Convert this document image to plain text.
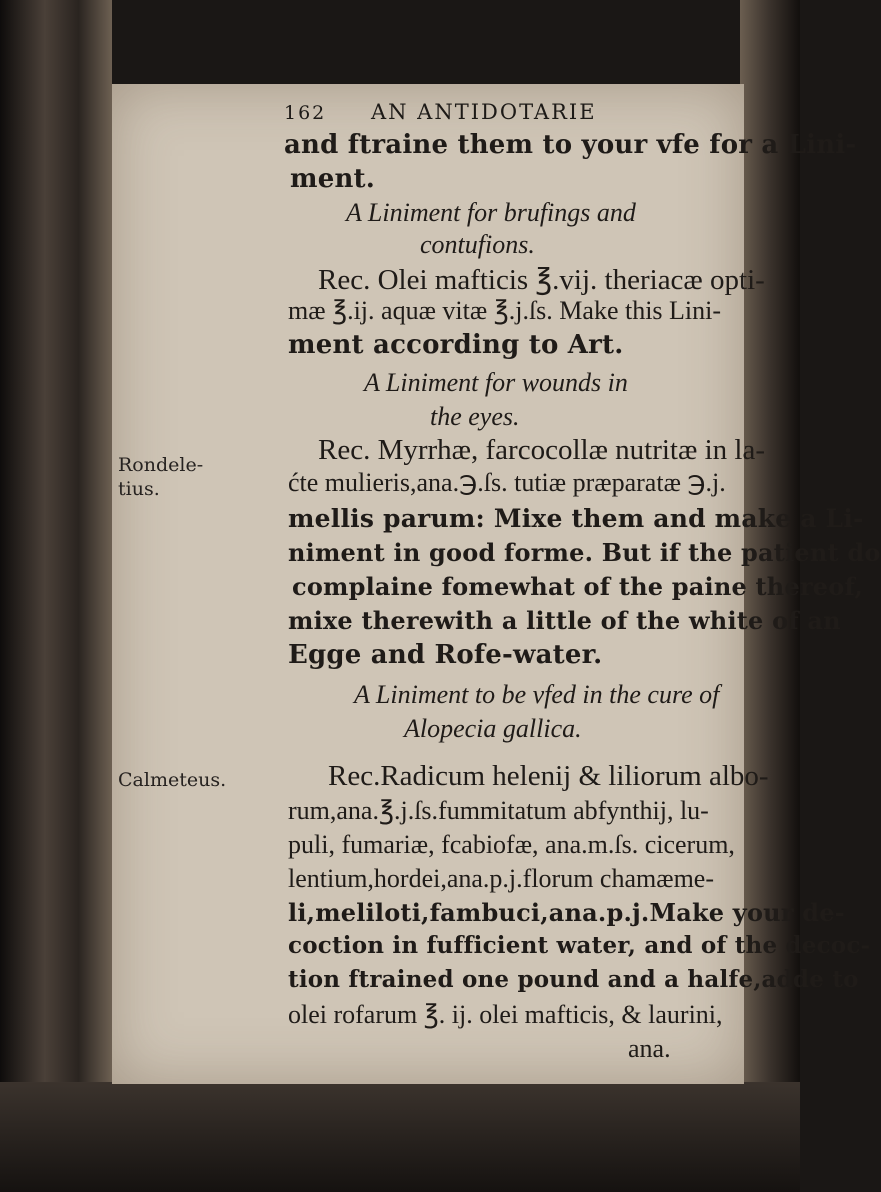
162 AN ANTIDOTARIE
Rondele-
tius.
Calmeteus.
and ftraine them to your vfe for a Lini-
ment.
A Liniment for brufings and
contufions.
Rec. Olei mafticis ℥.vij. theriacæ opti-
mæ ℥.ij. aquæ vitæ ℥.j.ſs. Make this Lini-
ment according to Art.
A Liniment for wounds in
the eyes.
Rec. Myrrhæ, farcocollæ nutritæ in la-
ćte mulieris,ana.℈.ſs. tutiæ præparatæ ℈.j.
mellis parum: Mixe them and make a Li-
niment in good forme. But if the patient do
complaine fomewhat of the paine thereof,
mixe therewith a little of the white of an
Egge and Rofe-water.
A Liniment to be vfed in the cure of
Alopecia gallica.
Rec.Radicum helenij & liliorum albo-
rum,ana.℥.j.ſs.fummitatum abfynthij, lu-
puli, fumariæ, fcabiofæ, ana.m.ſs. cicerum,
lentium,hordei,ana.p.j.florum chamæme-
li,meliloti,fambuci,ana.p.j.Make your de-
coction in fufficient water, and of the decoc-
tion ftrained one pound and a halfe,adde to
olei rofarum ℥. ij. olei mafticis, & laurini,
ana.
